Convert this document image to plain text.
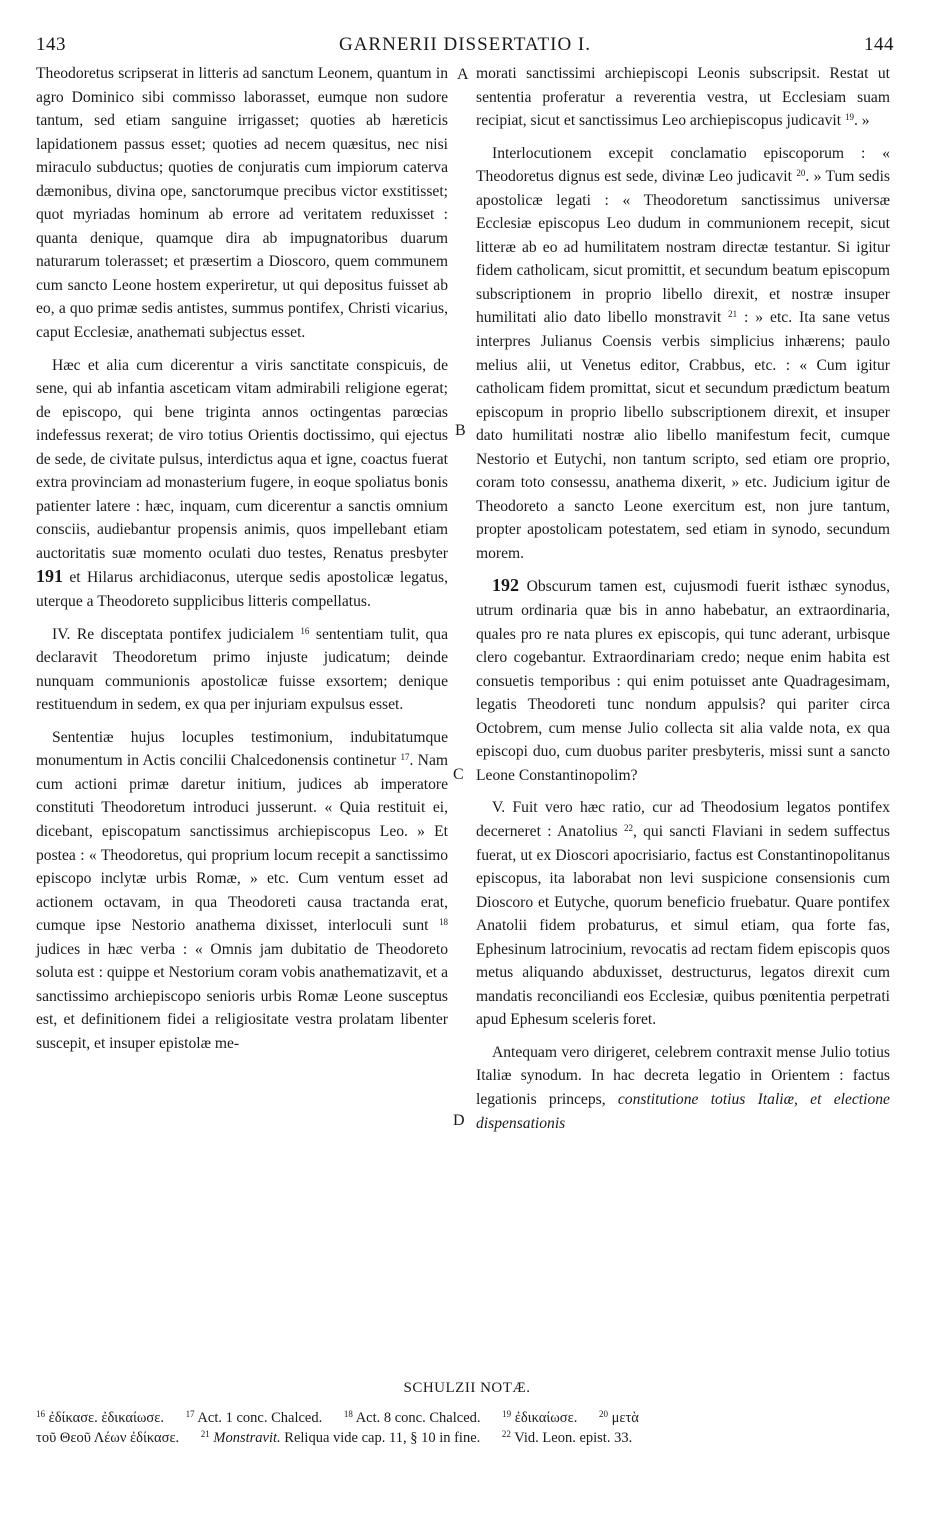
143	GARNERII DISSERTATIO I.	144

Theodoretus scripserat in litteris ad sanctum Leonem, quantum in agro Dominico sibi commisso laborasset, eumque non sudore tantum, sed etiam sanguine irrigasset; quoties ab hæreticis lapidationem passus esset; quoties ad necem quæsitus, nec nisi miraculo subductus; quoties de conjuratis cum impiorum caterva dæmonibus, divina ope, sanctorumque precibus victor exstitisset; quot myriadas hominum ab errore ad veritatem reduxisset : quanta denique, quamque dira ab impugnatoribus duarum naturarum tolerasset; et præsertim a Dioscoro, quem communem cum sancto Leone hostem experiretur, ut qui depositus fuisset ab eo, a quo primæ sedis antistes, summus pontifex, Christi vicarius, caput Ecclesiæ, anathemati subjectus esset.

Hæc et alia cum dicerentur a viris sanctitate conspicuis, de sene, qui ab infantia asceticam vitam admirabili religione egerat; de episcopo, qui bene triginta annos octingentas parœcias indefessus rexerat; de viro totius Orientis doctissimo, qui ejectus de sede, de civitate pulsus, interdictus aqua et igne, coactus fuerat extra provinciam ad monasterium fugere, in eoque spoliatus bonis patienter latere : hæc, inquam, cum dicerentur a sanctis omnium consciis, audiebantur propensis animis, quos impellebant etiam auctoritatis suæ momento oculati duo testes, Renatus presbyter 191 et Hilarus archidiaconus, uterque sedis apostolicæ legatus, uterque a Theodoreto supplicibus litteris compellatus.

IV. Re disceptata pontifex judicialem $^{16}$ sententiam tulit, qua declaravit Theodoretum primo injuste judicatum; deinde nunquam communionis apostolicæ fuisse exsortem; denique restituendum in sedem, ex qua per injuriam expulsus esset.

Sententiæ hujus locuples testimonium, indubitatumque monumentum in Actis concilii Chalcedonensis continetur $^{17}$. Nam cum actioni primæ daretur initium, judices ab imperatore constituti Theodoretum introduci jusserunt. « Quia restituit ei, dicebant, episcopatum sanctissimus archiepiscopus Leo. » Et postea : « Theodoretus, qui proprium locum recepit a sanctissimo episcopo inclytæ urbis Romæ, » etc. Cum ventum esset ad actionem octavam, in qua Theodoreti causa tractanda erat, cumque ipse Nestorio anathema dixisset, interloculi sunt $^{18}$ judices in hæc verba : « Omnis jam dubitatio de Theodoreto soluta est : quippe et Nestorium coram vobis anathematizavit, et a sanctissimo archiepiscopo senioris urbis Romæ Leone susceptus est, et definitionem fidei a religiositate vestra prolatam libenter suscepit, et insuper epistolæ me-

A
B
C
D

morati sanctissimi archiepiscopi Leonis subscripsit. Restat ut sententia proferatur a reverentia vestra, ut Ecclesiam suam recipiat, sicut et sanctissimus Leo archiepiscopus judicavit $^{19}$. »

Interlocutionem excepit conclamatio episcoporum : « Theodoretus dignus est sede, divinæ Leo judicavit $^{20}$. » Tum sedis apostolicæ legati : « Theodoretum sanctissimus universæ Ecclesiæ episcopus Leo dudum in communionem recepit, sicut litteræ ab eo ad humilitatem nostram directæ testantur. Si igitur fidem catholicam, sicut promittit, et secundum beatum episcopum subscriptionem in proprio libello direxit, et nostræ insuper humilitati alio dato libello monstravit $^{21}$ : » etc. Ita sane vetus interpres Julianus Coensis verbis simplicius inhærens; paulo melius alii, ut Venetus editor, Crabbus, etc. : « Cum igitur catholicam fidem promittat, sicut et secundum prædictum beatum episcopum in proprio libello subscriptionem direxit, et insuper dato humilitati nostræ alio libello manifestum fecit, cumque Nestorio et Eutychi, non tantum scripto, sed etiam ore proprio, coram toto consessu, anathema dixerit, » etc. Judicium igitur de Theodoreto a sancto Leone exercitum est, non jure tantum, propter apostolicam potestatem, sed etiam in synodo, secundum morem.

192 Obscurum tamen est, cujusmodi fuerit isthæc synodus, utrum ordinaria quæ bis in anno habebatur, an extraordinaria, quales pro re nata plures ex episcopis, qui tunc aderant, urbisque clero cogebantur. Extraordinariam credo; neque enim habita est consuetis temporibus : qui enim potuisset ante Quadragesimam, legatis Theodoreti tunc nondum appulsis? qui pariter circa Octobrem, cum mense Julio collecta sit alia valde nota, ex qua episcopi duo, cum duobus pariter presbyteris, missi sunt a sancto Leone Constantinopolim?

V. Fuit vero hæc ratio, cur ad Theodosium legatos pontifex decerneret : Anatolius $^{22}$, qui sancti Flaviani in sedem suffectus fuerat, ut ex Dioscori apocrisiario, factus est Constantinopolitanus episcopus, ita laborabat non levi suspicione consensionis cum Dioscoro et Eutyche, quorum beneficio fruebatur. Quare pontifex Anatolii fidem probaturus, et simul etiam, qua forte fas, Ephesinum latrocinium, revocatis ad rectam fidem episcopis quos metus aliquando abduxisset, destructurus, legatos direxit cum mandatis reconciliandi eos Ecclesiæ, quibus pœnitentia perpetrati apud Ephesum sceleris foret.

Antequam vero dirigeret, celebrem contraxit mense Julio totius Italiæ synodum. In hac decreta legatio in Orientem : factus legationis princeps, constitutione totius Italiæ, et electione dispensationis

SCHULZII NOTÆ.
$^{16}$ ἐδίκασε. ἐδικαίωσε. $^{17}$ Act. 1 conc. Chalced. $^{18}$ Act. 8 conc. Chalced. $^{19}$ ἐδικαίωσε. $^{20}$ μετὰ
τοῦ Θεοῦ Λέων ἐδίκασε. $^{21}$ Monstravit. Reliqua vide cap. 11, § 10 in fine. $^{22}$ Vid. Leon. epist. 33.
